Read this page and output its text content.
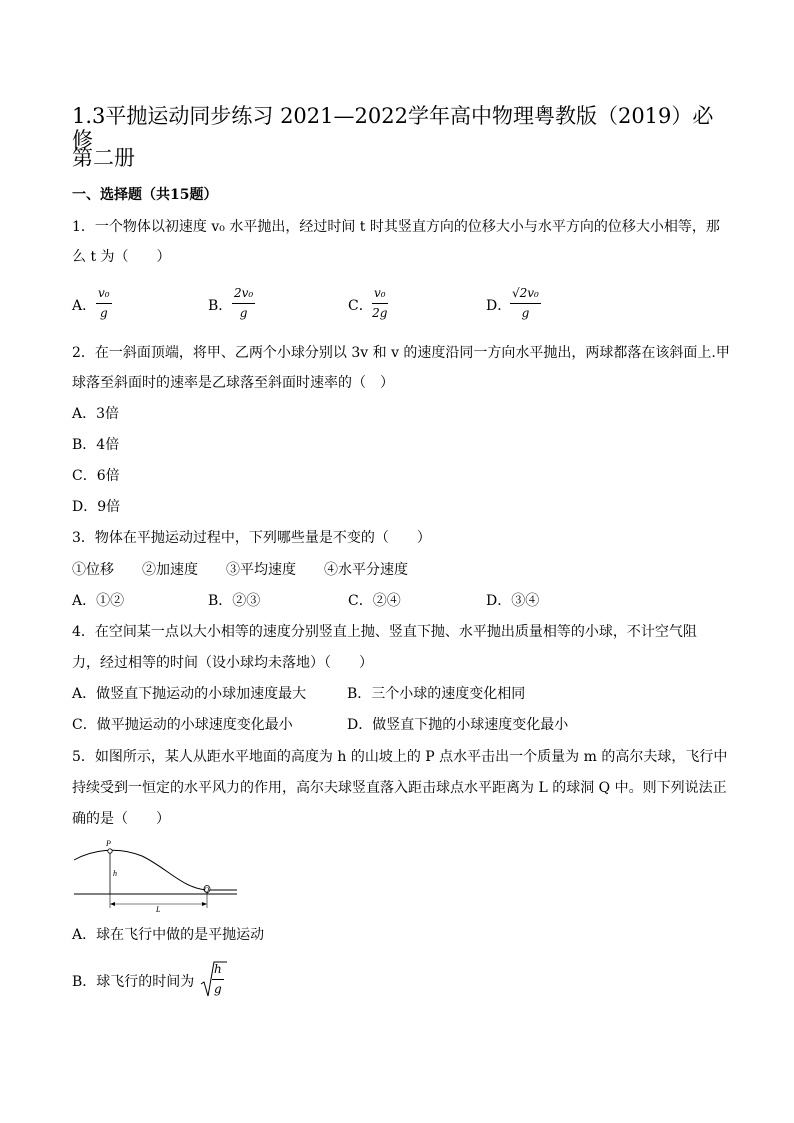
1.3平抛运动同步练习 2021—2022学年高中物理粤教版（2019）必修
第二册
一、选择题（共15题）
1．一个物体以初速度 v₀ 水平抛出，经过时间 t 时其竖直方向的位移大小与水平方向的位移大小相等，那
么 t 为（　　）
A．
v₀
g	B．
2v₀
g	C．
v₀
2g	D．
√2v₀
g
2．在一斜面顶端，将甲、乙两个小球分别以 3v 和 v 的速度沿同一方向水平抛出，两球都落在该斜面上.甲
球落至斜面时的速率是乙球落至斜面时速率的（　）
A．3倍
B．4倍
C．6倍
D．9倍
3．物体在平抛运动过程中，下列哪些量是不变的（　　）
①位移　　②加速度　　③平均速度　　④水平分速度
A．①②	B．②③	C．②④	D．③④
4．在空间某一点以大小相等的速度分别竖直上抛、竖直下抛、水平抛出质量相等的小球，不计空气阻
力，经过相等的时间（设小球均未落地）（　　）
A．做竖直下抛运动的小球加速度最大	B．三个小球的速度变化相同
C．做平抛运动的小球速度变化最小	D．做竖直下抛的小球速度变化最小
5．如图所示，某人从距水平地面的高度为 h 的山坡上的 P 点水平击出一个质量为 m 的高尔夫球，飞行中
持续受到一恒定的水平风力的作用，高尔夫球竖直落入距击球点水平距离为 L 的球洞 Q 中。则下列说法正
确的是（　　）
P
h
Q
L
A．球在飞行中做的是平抛运动
B．球飞行的时间为
h
g
